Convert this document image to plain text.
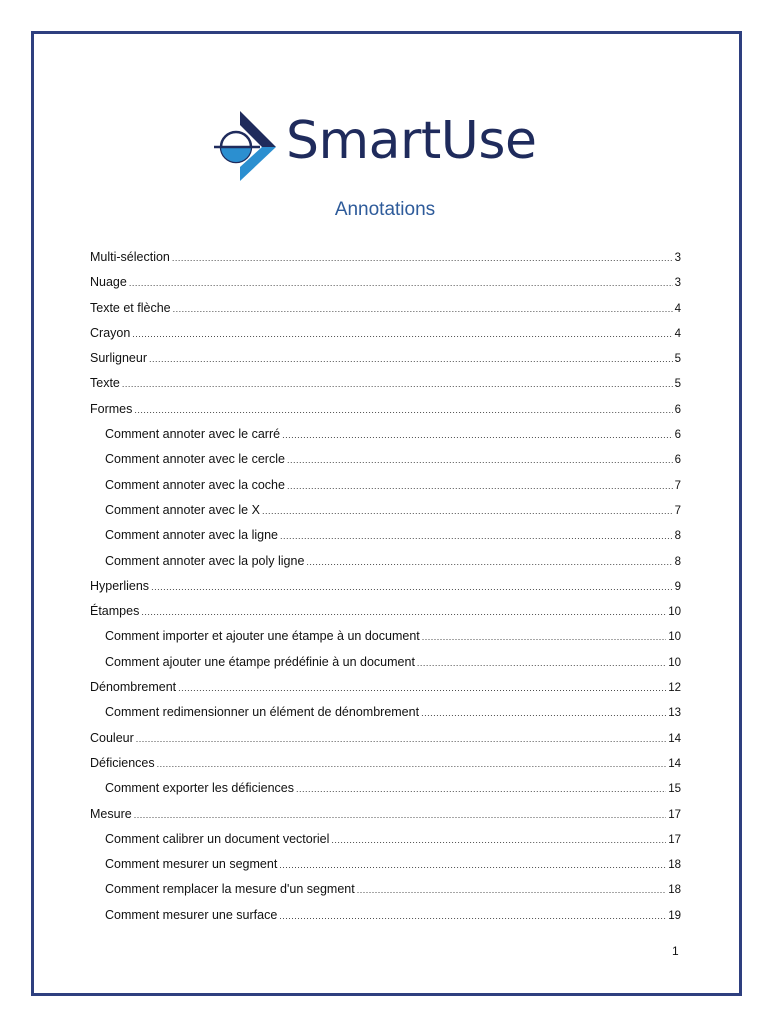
SmartUse
Annotations
Multi-sélection .....	3
Nuage .....	3
Texte et flèche .....	4
Crayon .....	4
Surligneur .....	5
Texte .....	5
Formes .....	6
Comment annoter avec le carré .....	6
Comment annoter avec le cercle .....	6
Comment annoter avec la coche .....	7
Comment annoter avec le X .....	7
Comment annoter avec la ligne .....	8
Comment annoter avec la poly ligne .....	8
Hyperliens .....	9
Étampes .....	10
Comment importer et ajouter une étampe à un document .....	10
Comment ajouter une étampe prédéfinie à un document .....	10
Dénombrement .....	12
Comment redimensionner un élément de dénombrement .....	13
Couleur .....	14
Déficiences .....	14
Comment exporter les déficiences .....	15
Mesure .....	17
Comment calibrer un document vectoriel .....	17
Comment mesurer un segment .....	18
Comment remplacer la mesure d'un segment .....	18
Comment mesurer une surface .....	19
1
